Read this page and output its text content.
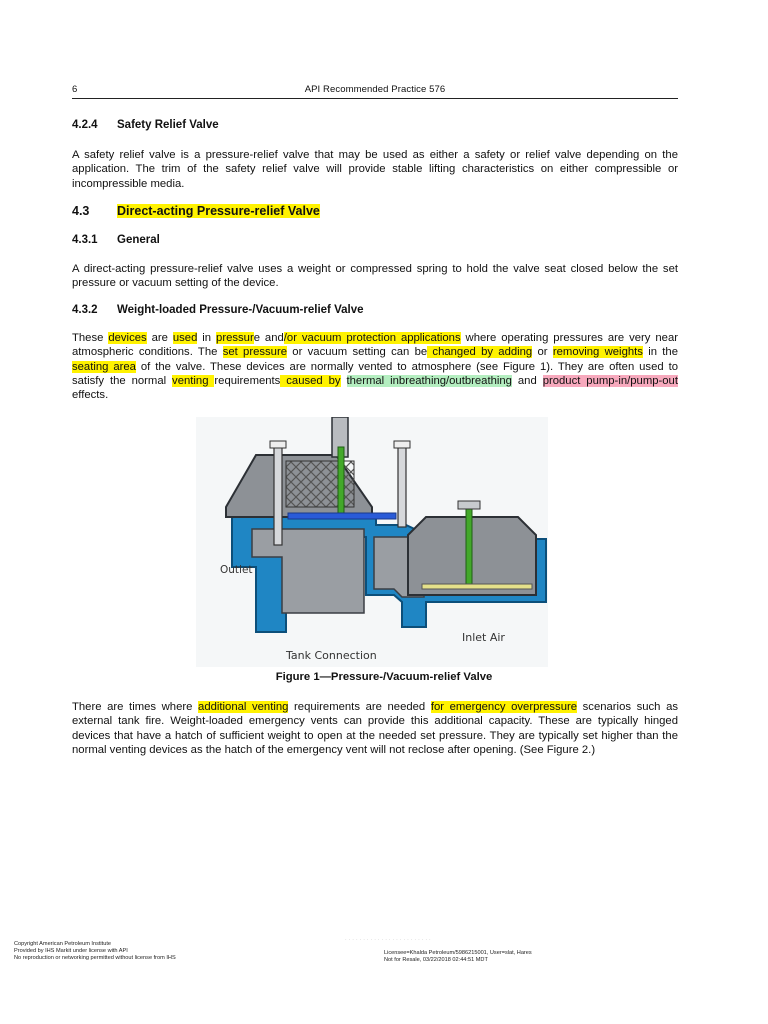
6	API Recommended Practice 576
4.2.4 Safety Relief Valve
A safety relief valve is a pressure-relief valve that may be used as either a safety or relief valve depending on the application. The trim of the safety relief valve will provide stable lifting characteristics on either compressible or incompressible media.
4.3 Direct-acting Pressure-relief Valve
4.3.1 General
A direct-acting pressure-relief valve uses a weight or compressed spring to hold the valve seat closed below the set pressure or vacuum setting of the device.
4.3.2 Weight-loaded Pressure-/Vacuum-relief Valve
These devices are used in pressure and/or vacuum protection applications where operating pressures are very near atmospheric conditions. The set pressure or vacuum setting can be changed by adding or removing weights in the seating area of the valve. These devices are normally vented to atmosphere (see Figure 1). They are often used to satisfy the normal venting requirements caused by thermal inbreathing/outbreathing and product pump-in/pump-out effects.
Outlet
Inlet Air
Tank Connection
Figure 1—Pressure-/Vacuum-relief Valve
There are times where additional venting requirements are needed for emergency overpressure scenarios such as external tank fire. Weight-loaded emergency vents can provide this additional capacity. These are typically hinged devices that have a hatch of sufficient weight to open at the needed set pressure. They are typically set higher than the normal venting devices as the hatch of the emergency vent will not reclose after opening. (See Figure 2.)
· · · · · · · · · · · · · · · · · · · · · · · ·
Copyright American Petroleum Institute
Provided by IHS Markit under license with API
No reproduction or networking permitted without license from IHS
Licensee=Khalda Petroleum/5986215001, User=slat, Hares
Not for Resale, 03/22/2018 02:44:51 MDT
